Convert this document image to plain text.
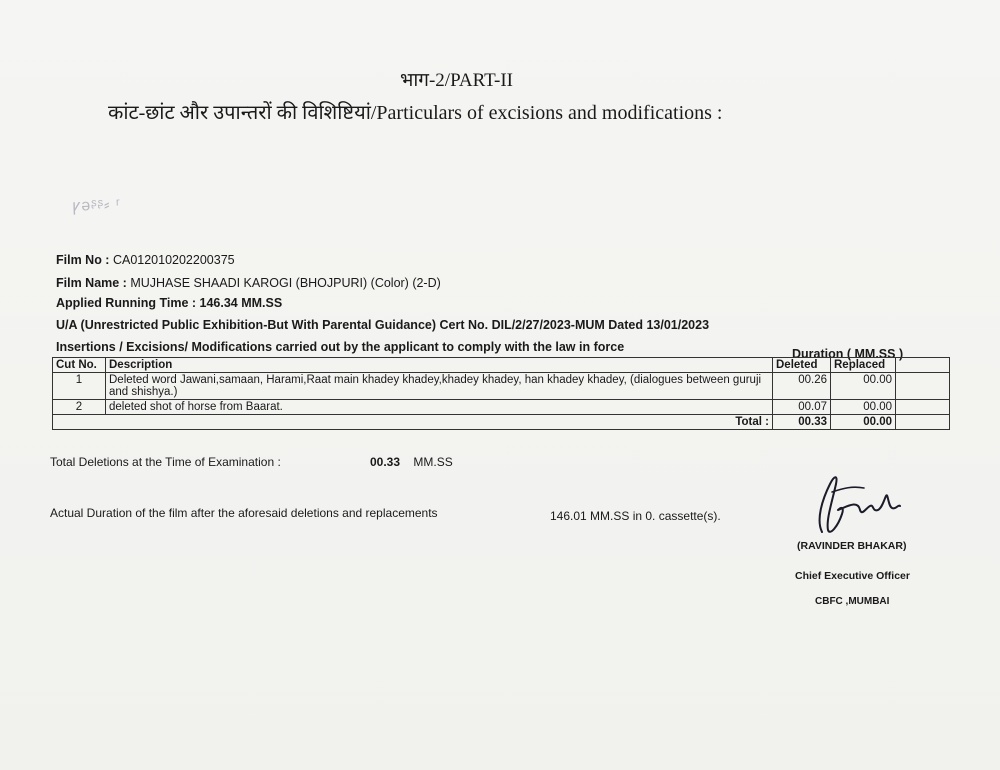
भाग-2/PART-II
कांट-छांट और उपान्तरों की विशिष्टियां/Particulars of excisions and modifications :
ꝩǝᶳᶳ⸗ ʳ
Film No : CA012010202200375
Film Name : MUJHASE SHAADI KAROGI (BHOJPURI) (Color) (2-D)
Applied Running Time : 146.34 MM.SS
U/A (Unrestricted Public Exhibition-But With Parental Guidance) Cert No. DIL/2/27/2023-MUM Dated 13/01/2023
Insertions / Excisions/ Modifications carried out by the applicant to comply with the law in force	Duration ( MM.SS )
Cut No.	Description	Deleted	Replaced	
1	Deleted word Jawani,samaan, Harami,Raat main khadey khadey,khadey khadey, han khadey khadey, (dialogues between guruji and shishya.)	00.26	00.00	
2	deleted shot of horse from Baarat.	00.07	00.00	
Total :		00.33	00.00	
Total Deletions at the Time of Examination :	00.33 MM.SS
Actual Duration of the film after the aforesaid deletions and replacements	146.01 MM.SS in 0. cassette(s).
(RAVINDER BHAKAR)
Chief Executive Officer
CBFC ,MUMBAI
